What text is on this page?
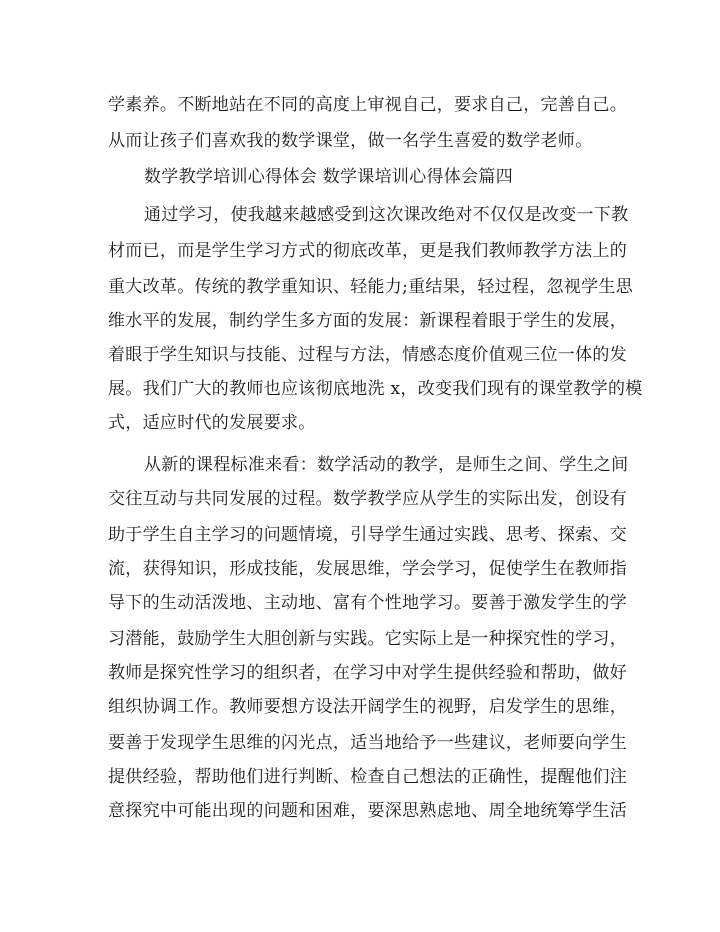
学素养。不断地站在不同的高度上审视自己，要求自己，完善自己。
从而让孩子们喜欢我的数学课堂，做一名学生喜爱的数学老师。
数学教学培训心得体会 数学课培训心得体会篇四
通过学习，使我越来越感受到这次课改绝对不仅仅是改变一下教
材而已，而是学生学习方式的彻底改革，更是我们教师教学方法上的
重大改革。传统的教学重知识、轻能力;重结果，轻过程，忽视学生思
维水平的发展，制约学生多方面的发展：新课程着眼于学生的发展，
着眼于学生知识与技能、过程与方法，情感态度价值观三位一体的发
展。我们广大的教师也应该彻底地洗 x，改变我们现有的课堂教学的模
式，适应时代的发展要求。
从新的课程标准来看：数学活动的教学，是师生之间、学生之间
交往互动与共同发展的过程。数学教学应从学生的实际出发，创设有
助于学生自主学习的问题情境，引导学生通过实践、思考、探索、交
流，获得知识，形成技能，发展思维，学会学习，促使学生在教师指
导下的生动活泼地、主动地、富有个性地学习。要善于激发学生的学
习潜能，鼓励学生大胆创新与实践。它实际上是一种探究性的学习，
教师是探究性学习的组织者，在学习中对学生提供经验和帮助，做好
组织协调工作。教师要想方设法开阔学生的视野，启发学生的思维，
要善于发现学生思维的闪光点，适当地给予一些建议，老师要向学生
提供经验，帮助他们进行判断、检查自己想法的正确性，提醒他们注
意探究中可能出现的问题和困难，要深思熟虑地、周全地统筹学生活
